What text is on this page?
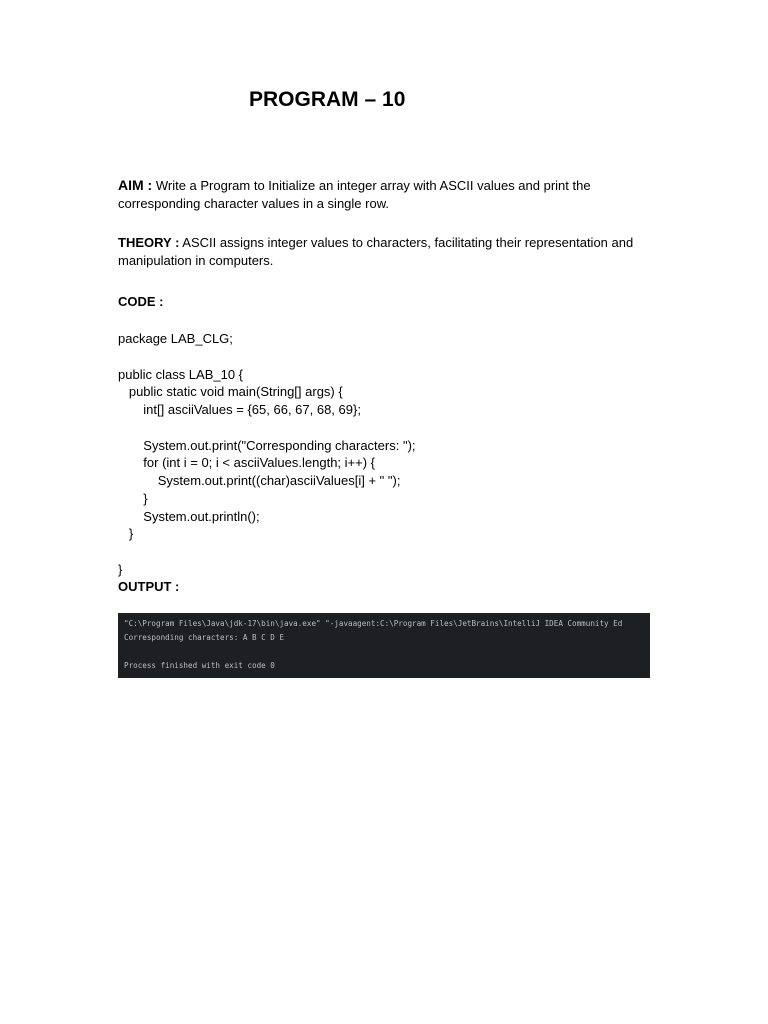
PROGRAM – 10
AIM : Write a Program to Initialize an integer array with ASCII values and print the corresponding character values in a single row.
THEORY : ASCII assigns integer values to characters, facilitating their representation and manipulation in computers.
CODE :
package LAB_CLG;
public class LAB_10 {
public static void main(String[] args) {
int[] asciiValues = {65, 66, 67, 68, 69};
System.out.print("Corresponding characters: ");
for (int i = 0; i < asciiValues.length; i++) {
System.out.print((char)asciiValues[i] + " ");
}
System.out.println();
}
}
OUTPUT :
"C:\Program Files\Java\jdk-17\bin\java.exe" "-javaagent:C:\Program Files\JetBrains\IntelliJ IDEA Community Ed
Corresponding characters: A B C D E
Process finished with exit code 0
